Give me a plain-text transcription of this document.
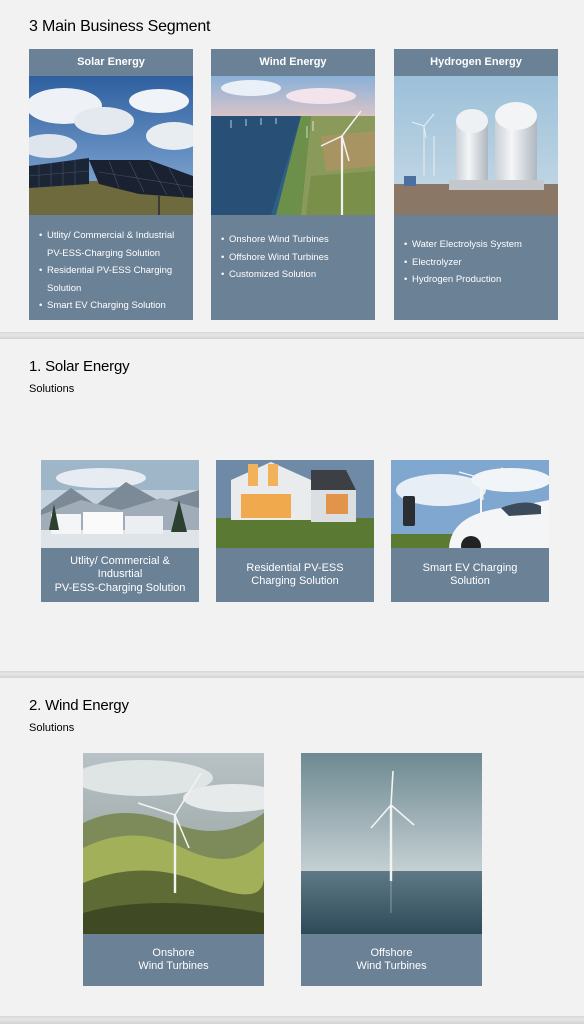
3 Main Business Segment
Solar Energy
• Utlity/ Commercial & Industrial PV-ESS-Charging Solution
• Residential PV-ESS Charging Solution
• Smart EV Charging Solution
Wind Energy
• Onshore Wind Turbines
• Offshore Wind Turbines
• Customized Solution
Hydrogen Energy
• Water Electrolysis System
• Electrolyzer
• Hydrogen Production
1. Solar Energy
Solutions
Utlity/ Commercial &
Indusrtial
PV-ESS-Charging Solution
Residential PV-ESS
Charging Solution
Smart EV Charging
Solution
2. Wind Energy
Solutions
Onshore
Wind Turbines
Offshore
Wind Turbines
